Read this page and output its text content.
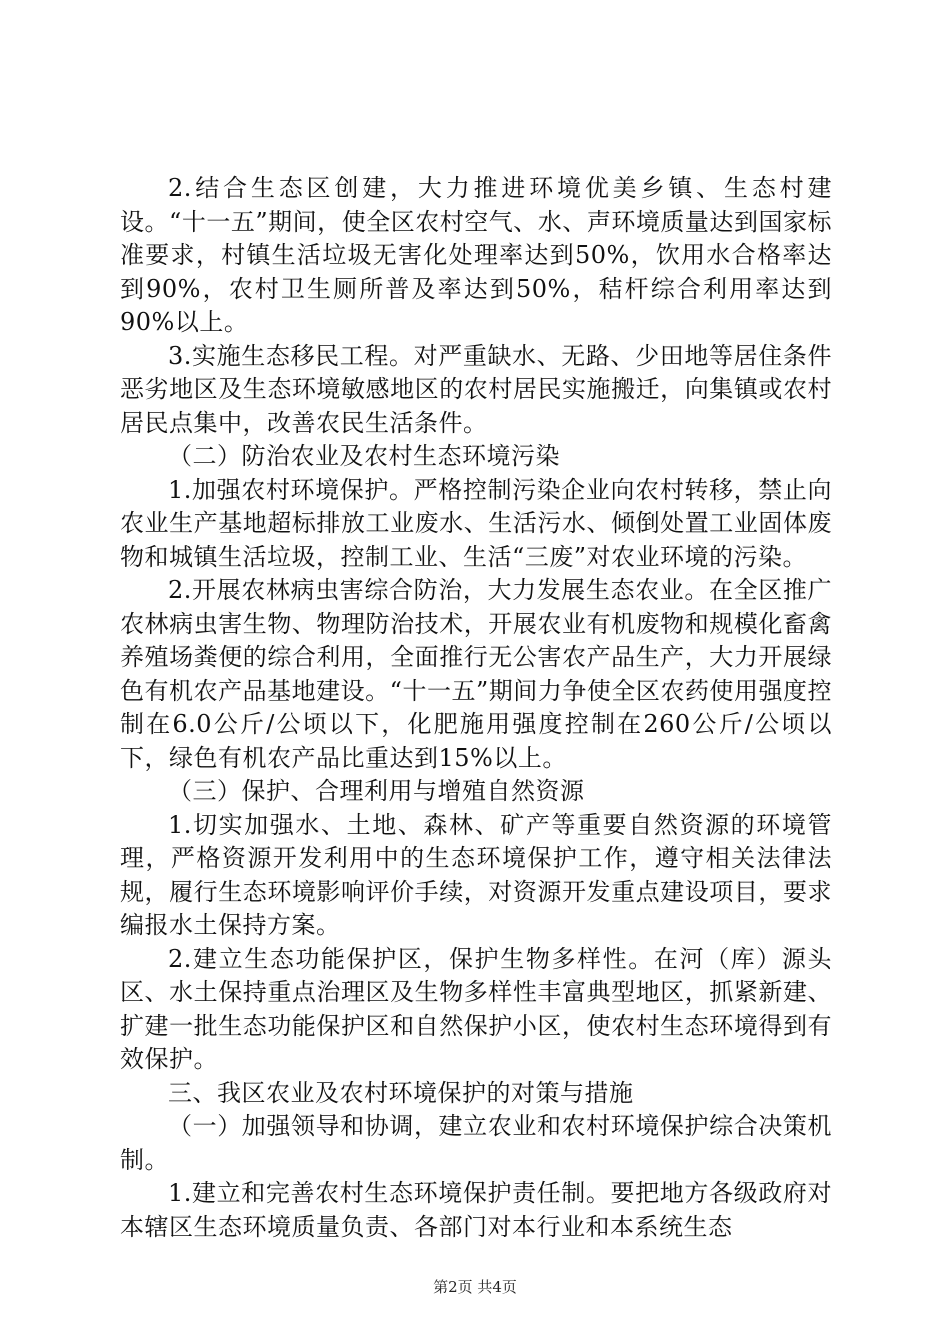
2.结合生态区创建，大力推进环境优美乡镇、生态村建设。“十一五”期间，使全区农村空气、水、声环境质量达到国家标准要求，村镇生活垃圾无害化处理率达到50%，饮用水合格率达到90%，农村卫生厕所普及率达到50%，秸杆综合利用率达到90%以上。

3.实施生态移民工程。对严重缺水、无路、少田地等居住条件恶劣地区及生态环境敏感地区的农村居民实施搬迁，向集镇或农村居民点集中，改善农民生活条件。

（二）防治农业及农村生态环境污染

1.加强农村环境保护。严格控制污染企业向农村转移，禁止向农业生产基地超标排放工业废水、生活污水、倾倒处置工业固体废物和城镇生活垃圾，控制工业、生活“三废”对农业环境的污染。

2.开展农林病虫害综合防治，大力发展生态农业。在全区推广农林病虫害生物、物理防治技术，开展农业有机废物和规模化畜禽养殖场粪便的综合利用，全面推行无公害农产品生产，大力开展绿色有机农产品基地建设。“十一五”期间力争使全区农药使用强度控制在6.0公斤/公顷以下，化肥施用强度控制在260公斤/公顷以下，绿色有机农产品比重达到15%以上。

（三）保护、合理利用与增殖自然资源

1.切实加强水、土地、森林、矿产等重要自然资源的环境管理，严格资源开发利用中的生态环境保护工作，遵守相关法律法规，履行生态环境影响评价手续，对资源开发重点建设项目，要求编报水土保持方案。

2.建立生态功能保护区，保护生物多样性。在河（库）源头区、水土保持重点治理区及生物多样性丰富典型地区，抓紧新建、扩建一批生态功能保护区和自然保护小区，使农村生态环境得到有效保护。

三、我区农业及农村环境保护的对策与措施

（一）加强领导和协调，建立农业和农村环境保护综合决策机制。

1.建立和完善农村生态环境保护责任制。要把地方各级政府对本辖区生态环境质量负责、各部门对本行业和本系统生态

第2页 共4页
